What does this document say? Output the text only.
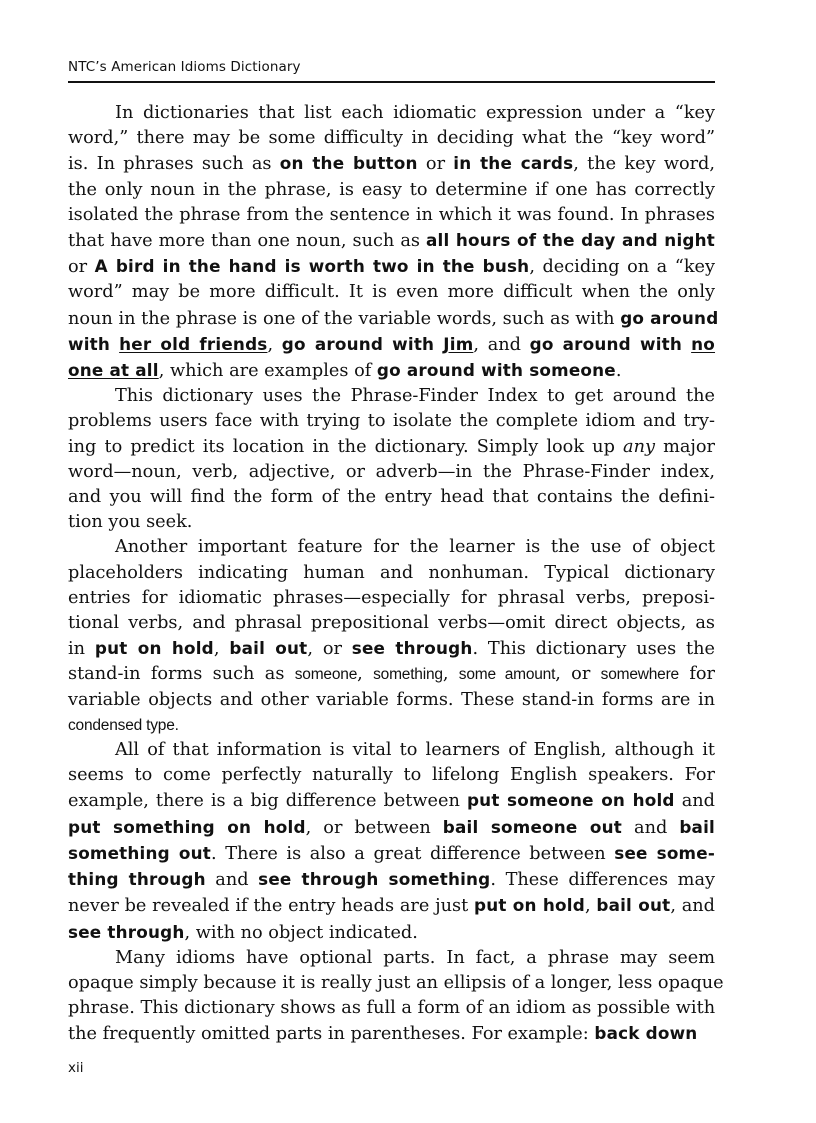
NTC’s American Idioms Dictionary

In dictionaries that list each idiomatic expression under a “key
word,” there may be some difficulty in deciding what the “key word”
is. In phrases such as on the button or in the cards, the key word,
the only noun in the phrase, is easy to determine if one has correctly
isolated the phrase from the sentence in which it was found. In phrases
that have more than one noun, such as all hours of the day and night
or A bird in the hand is worth two in the bush, deciding on a “key
word” may be more difficult. It is even more difficult when the only
noun in the phrase is one of the variable words, such as with go around
with her old friends, go around with Jim, and go around with no
one at all, which are examples of go around with someone.

This dictionary uses the Phrase-Finder Index to get around the
problems users face with trying to isolate the complete idiom and try-
ing to predict its location in the dictionary. Simply look up any major
word—noun, verb, adjective, or adverb—in the Phrase-Finder index,
and you will find the form of the entry head that contains the defini-
tion you seek.

Another important feature for the learner is the use of object
placeholders indicating human and nonhuman. Typical dictionary
entries for idiomatic phrases—especially for phrasal verbs, preposi-
tional verbs, and phrasal prepositional verbs—omit direct objects, as
in put on hold, bail out, or see through. This dictionary uses the
stand-in forms such as someone, something, some amount, or somewhere for
variable objects and other variable forms. These stand-in forms are in
condensed type.

All of that information is vital to learners of English, although it
seems to come perfectly naturally to lifelong English speakers. For
example, there is a big difference between put someone on hold and
put something on hold, or between bail someone out and bail
something out. There is also a great difference between see some-
thing through and see through something. These differences may
never be revealed if the entry heads are just put on hold, bail out, and
see through, with no object indicated.

Many idioms have optional parts. In fact, a phrase may seem
opaque simply because it is really just an ellipsis of a longer, less opaque
phrase. This dictionary shows as full a form of an idiom as possible with
the frequently omitted parts in parentheses. For example: back down

xii
